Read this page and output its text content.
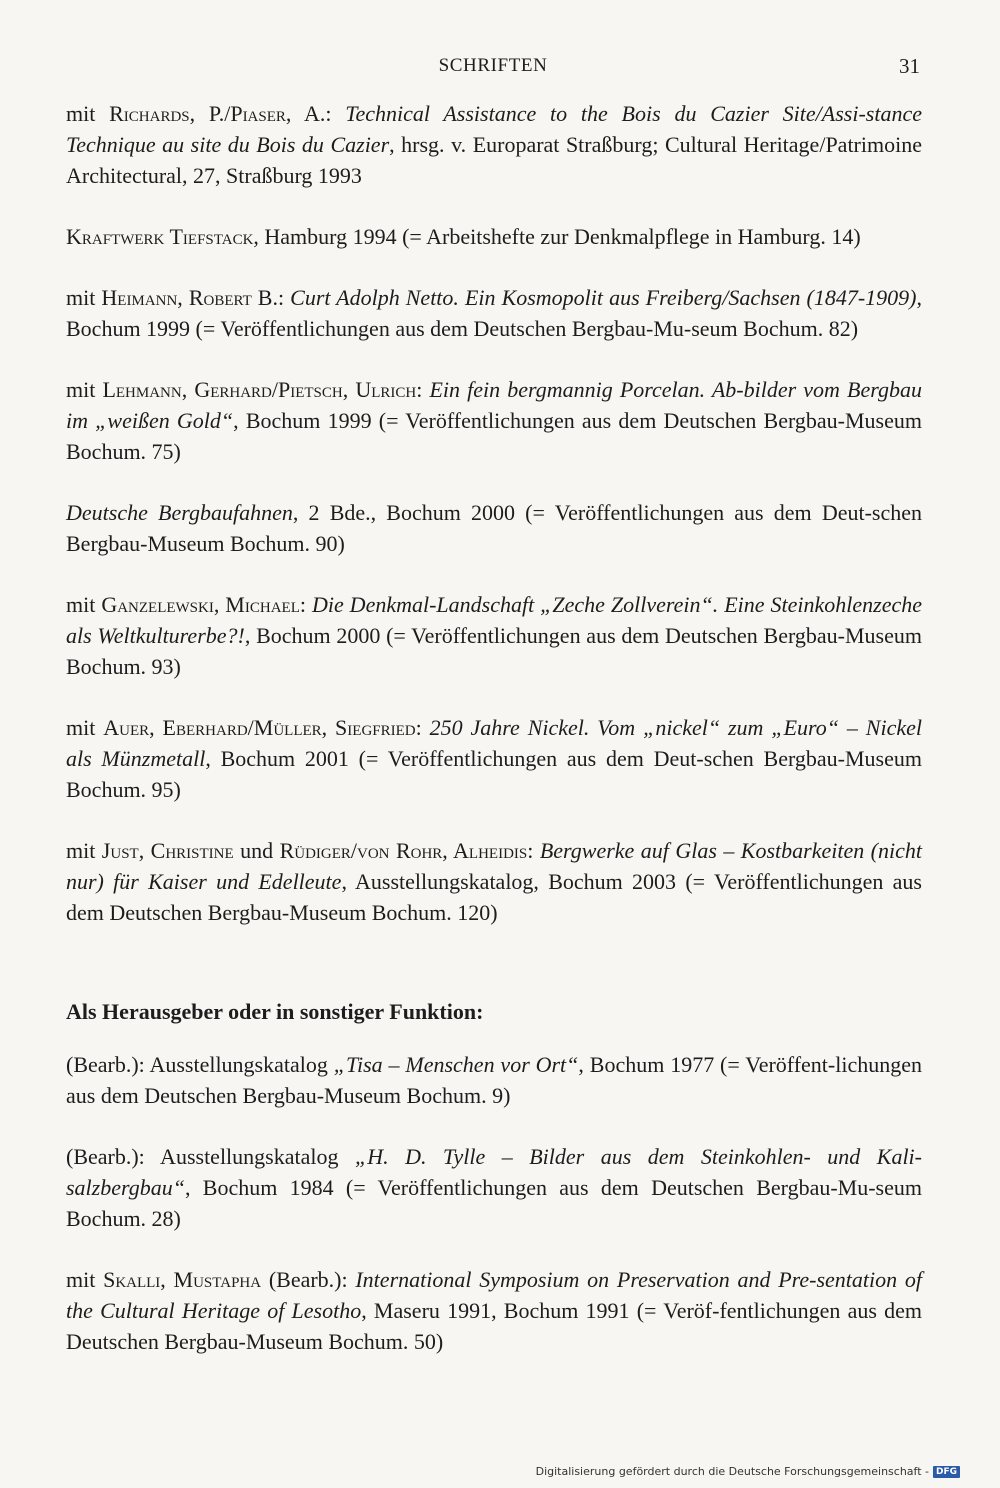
SCHRIFTEN	31

mit Richards, P./Piaser, A.: Technical Assistance to the Bois du Cazier Site/Assi-stance Technique au site du Bois du Cazier, hrsg. v. Europarat Straßburg; Cultural Heritage/Patrimoine Architectural, 27, Straßburg 1993

Kraftwerk Tiefstack, Hamburg 1994 (= Arbeitshefte zur Denkmalpflege in Hamburg. 14)

mit Heimann, Robert B.: Curt Adolph Netto. Ein Kosmopolit aus Freiberg/Sachsen (1847-1909), Bochum 1999 (= Veröffentlichungen aus dem Deutschen Bergbau-Mu-seum Bochum. 82)

mit Lehmann, Gerhard/Pietsch, Ulrich: Ein fein bergmannig Porcelan. Ab-bilder vom Bergbau im „weißen Gold“, Bochum 1999 (= Veröffentlichungen aus dem Deutschen Bergbau-Museum Bochum. 75)

Deutsche Bergbaufahnen, 2 Bde., Bochum 2000 (= Veröffentlichungen aus dem Deut-schen Bergbau-Museum Bochum. 90)

mit Ganzelewski, Michael: Die Denkmal-Landschaft „Zeche Zollverein“. Eine Steinkohlenzeche als Weltkulturerbe?!, Bochum 2000 (= Veröffentlichungen aus dem Deutschen Bergbau-Museum Bochum. 93)

mit Auer, Eberhard/Müller, Siegfried: 250 Jahre Nickel. Vom „nickel“ zum „Euro“ – Nickel als Münzmetall, Bochum 2001 (= Veröffentlichungen aus dem Deut-schen Bergbau-Museum Bochum. 95)

mit Just, Christine und Rüdiger/von Rohr, Alheidis: Bergwerke auf Glas – Kostbarkeiten (nicht nur) für Kaiser und Edelleute, Ausstellungskatalog, Bochum 2003 (= Veröffentlichungen aus dem Deutschen Bergbau-Museum Bochum. 120)

Als Herausgeber oder in sonstiger Funktion:

(Bearb.): Ausstellungskatalog „Tisa – Menschen vor Ort“, Bochum 1977 (= Veröffent-lichungen aus dem Deutschen Bergbau-Museum Bochum. 9)

(Bearb.): Ausstellungskatalog „H. D. Tylle – Bilder aus dem Steinkohlen- und Kali-salzbergbau“, Bochum 1984 (= Veröffentlichungen aus dem Deutschen Bergbau-Mu-seum Bochum. 28)

mit Skalli, Mustapha (Bearb.): International Symposium on Preservation and Pre-sentation of the Cultural Heritage of Lesotho, Maseru 1991, Bochum 1991 (= Veröf-fentlichungen aus dem Deutschen Bergbau-Museum Bochum. 50)

Digitalisierung gefördert durch die Deutsche Forschungsgemeinschaft - DFG
